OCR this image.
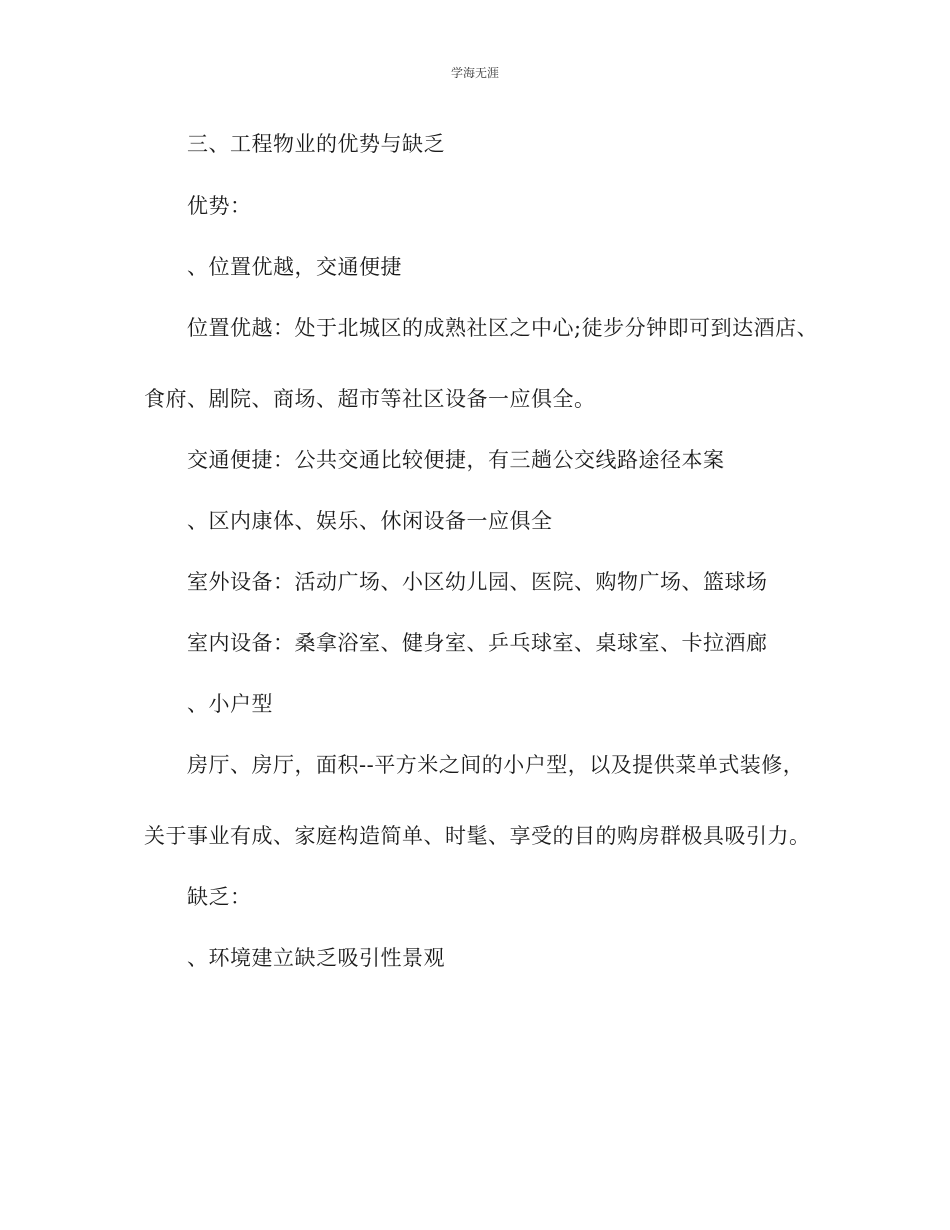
学海无涯
三、工程物业的优势与缺乏
优势：
、位置优越，交通便捷
位置优越：处于北城区的成熟社区之中心;徒步分钟即可到达酒店、
食府、剧院、商场、超市等社区设备一应俱全。
交通便捷：公共交通比较便捷，有三趟公交线路途径本案
、区内康体、娱乐、休闲设备一应俱全
室外设备：活动广场、小区幼儿园、医院、购物广场、篮球场
室内设备：桑拿浴室、健身室、乒乓球室、桌球室、卡拉酒廊
、小户型
房厅、房厅，面积--平方米之间的小户型，以及提供菜单式装修，
关于事业有成、家庭构造简单、时髦、享受的目的购房群极具吸引力。
缺乏：
、环境建立缺乏吸引性景观
